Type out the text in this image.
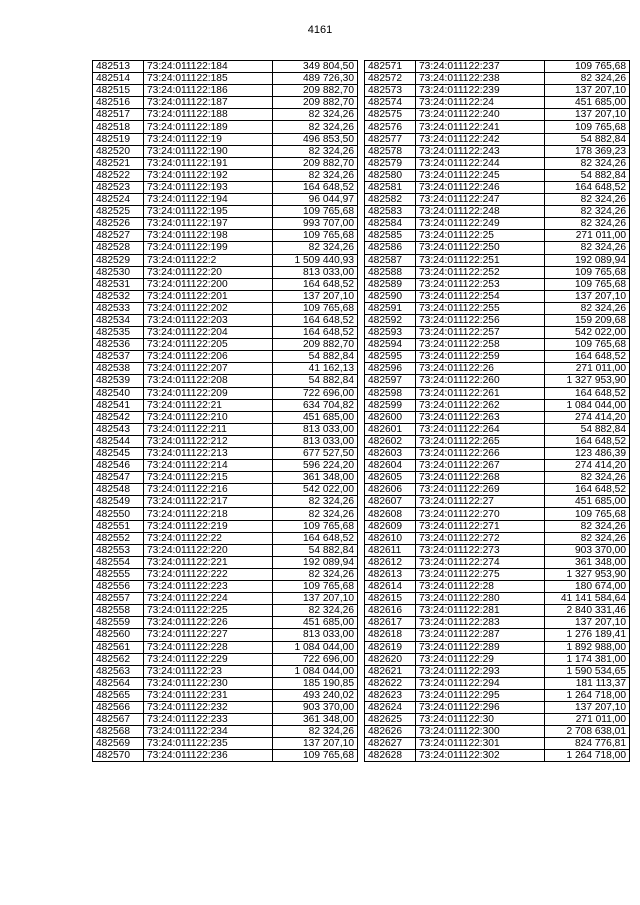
4161
482513	73:24:011122:184	349 804,50
482514	73:24:011122:185	489 726,30
482515	73:24:011122:186	209 882,70
482516	73:24:011122:187	209 882,70
482517	73:24:011122:188	82 324,26
482518	73:24:011122:189	82 324,26
482519	73:24:011122:19	496 853,50
482520	73:24:011122:190	82 324,26
482521	73:24:011122:191	209 882,70
482522	73:24:011122:192	82 324,26
482523	73:24:011122:193	164 648,52
482524	73:24:011122:194	96 044,97
482525	73:24:011122:195	109 765,68
482526	73:24:011122:197	993 707,00
482527	73:24:011122:198	109 765,68
482528	73:24:011122:199	82 324,26
482529	73:24:011122:2	1 509 440,93
482530	73:24:011122:20	813 033,00
482531	73:24:011122:200	164 648,52
482532	73:24:011122:201	137 207,10
482533	73:24:011122:202	109 765,68
482534	73:24:011122:203	164 648,52
482535	73:24:011122:204	164 648,52
482536	73:24:011122:205	209 882,70
482537	73:24:011122:206	54 882,84
482538	73:24:011122:207	41 162,13
482539	73:24:011122:208	54 882,84
482540	73:24:011122:209	722 696,00
482541	73:24:011122:21	634 704,82
482542	73:24:011122:210	451 685,00
482543	73:24:011122:211	813 033,00
482544	73:24:011122:212	813 033,00
482545	73:24:011122:213	677 527,50
482546	73:24:011122:214	596 224,20
482547	73:24:011122:215	361 348,00
482548	73:24:011122:216	542 022,00
482549	73:24:011122:217	82 324,26
482550	73:24:011122:218	82 324,26
482551	73:24:011122:219	109 765,68
482552	73:24:011122:22	164 648,52
482553	73:24:011122:220	54 882,84
482554	73:24:011122:221	192 089,94
482555	73:24:011122:222	82 324,26
482556	73:24:011122:223	109 765,68
482557	73:24:011122:224	137 207,10
482558	73:24:011122:225	82 324,26
482559	73:24:011122:226	451 685,00
482560	73:24:011122:227	813 033,00
482561	73:24:011122:228	1 084 044,00
482562	73:24:011122:229	722 696,00
482563	73:24:011122:23	1 084 044,00
482564	73:24:011122:230	185 190,85
482565	73:24:011122:231	493 240,02
482566	73:24:011122:232	903 370,00
482567	73:24:011122:233	361 348,00
482568	73:24:011122:234	82 324,26
482569	73:24:011122:235	137 207,10
482570	73:24:011122:236	109 765,68
482571	73:24:011122:237	109 765,68
482572	73:24:011122:238	82 324,26
482573	73:24:011122:239	137 207,10
482574	73:24:011122:24	451 685,00
482575	73:24:011122:240	137 207,10
482576	73:24:011122:241	109 765,68
482577	73:24:011122:242	54 882,84
482578	73:24:011122:243	178 369,23
482579	73:24:011122:244	82 324,26
482580	73:24:011122:245	54 882,84
482581	73:24:011122:246	164 648,52
482582	73:24:011122:247	82 324,26
482583	73:24:011122:248	82 324,26
482584	73:24:011122:249	82 324,26
482585	73:24:011122:25	271 011,00
482586	73:24:011122:250	82 324,26
482587	73:24:011122:251	192 089,94
482588	73:24:011122:252	109 765,68
482589	73:24:011122:253	109 765,68
482590	73:24:011122:254	137 207,10
482591	73:24:011122:255	82 324,26
482592	73:24:011122:256	159 209,68
482593	73:24:011122:257	542 022,00
482594	73:24:011122:258	109 765,68
482595	73:24:011122:259	164 648,52
482596	73:24:011122:26	271 011,00
482597	73:24:011122:260	1 327 953,90
482598	73:24:011122:261	164 648,52
482599	73:24:011122:262	1 084 044,00
482600	73:24:011122:263	274 414,20
482601	73:24:011122:264	54 882,84
482602	73:24:011122:265	164 648,52
482603	73:24:011122:266	123 486,39
482604	73:24:011122:267	274 414,20
482605	73:24:011122:268	82 324,26
482606	73:24:011122:269	164 648,52
482607	73:24:011122:27	451 685,00
482608	73:24:011122:270	109 765,68
482609	73:24:011122:271	82 324,26
482610	73:24:011122:272	82 324,26
482611	73:24:011122:273	903 370,00
482612	73:24:011122:274	361 348,00
482613	73:24:011122:275	1 327 953,90
482614	73:24:011122:28	180 674,00
482615	73:24:011122:280	41 141 584,64
482616	73:24:011122:281	2 840 331,46
482617	73:24:011122:283	137 207,10
482618	73:24:011122:287	1 276 189,41
482619	73:24:011122:289	1 892 988,00
482620	73:24:011122:29	1 174 381,00
482621	73:24:011122:293	1 590 534,65
482622	73:24:011122:294	181 113,37
482623	73:24:011122:295	1 264 718,00
482624	73:24:011122:296	137 207,10
482625	73:24:011122:30	271 011,00
482626	73:24:011122:300	2 708 638,01
482627	73:24:011122:301	824 776,81
482628	73:24:011122:302	1 264 718,00
